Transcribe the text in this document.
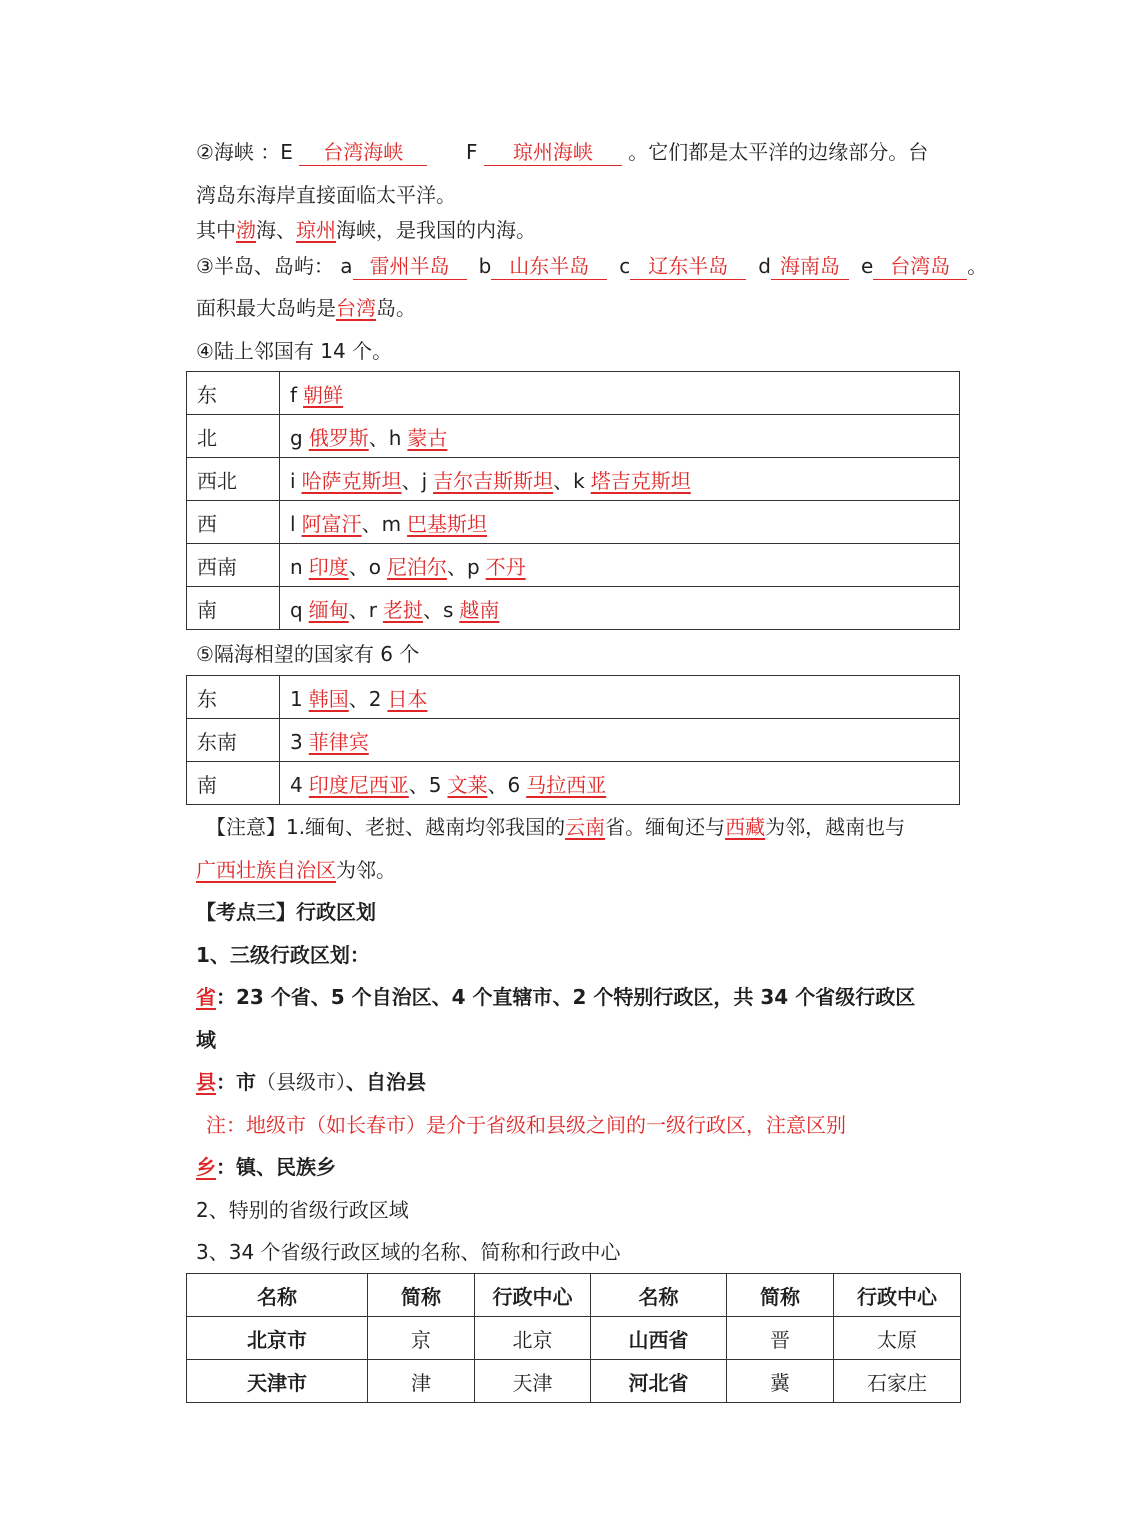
②海峡 ：E 台湾海峡	F 琼州海峡 。它们都是太平洋的边缘部分。台
湾岛东海岸直接面临太平洋。
其中渤海、琼州海峡，是我国的内海。
③半岛、岛屿： a 雷州半岛 b 山东半岛 c 辽东半岛 d 海南岛 e 台湾岛 。
面积最大岛屿是台湾岛。
④陆上邻国有 14 个。
东	f 朝鲜
北	g 俄罗斯、h 蒙古
西北	i 哈萨克斯坦、j 吉尔吉斯斯坦、k 塔吉克斯坦
西	l 阿富汗、m 巴基斯坦
西南	n 印度、o 尼泊尔、p 不丹
南	q 缅甸、r 老挝、s 越南
⑤隔海相望的国家有 6 个
东	1 韩国、2 日本
东南	3 菲律宾
南	4 印度尼西亚、5 文莱、6 马拉西亚
【注意】1.缅甸、老挝、越南均邻我国的云南省。缅甸还与西藏为邻，越南也与
广西壮族自治区为邻。
【考点三】行政区划
1、三级行政区划：
省：23 个省、5 个自治区、4 个直辖市、2 个特别行政区，共 34 个省级行政区
域
县：市（县级市）、自治县
注：地级市（如长春市）是介于省级和县级之间的一级行政区，注意区别
乡：镇、民族乡
2、特别的省级行政区域
3、34 个省级行政区域的名称、简称和行政中心
名称	简称	行政中心	名称	简称	行政中心
北京市	京	北京	山西省	晋	太原
天津市	津	天津	河北省	冀	石家庄
